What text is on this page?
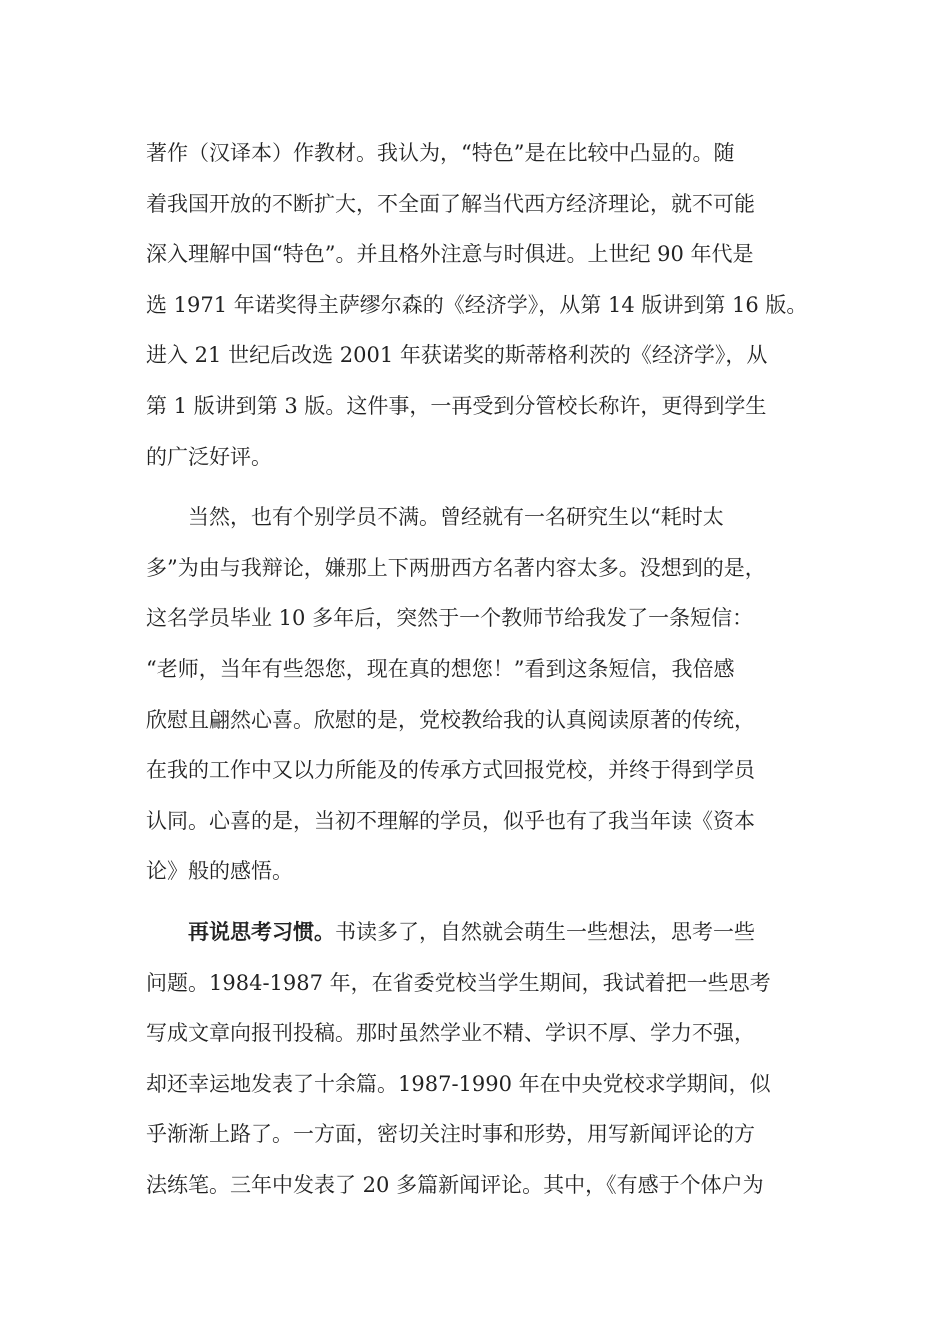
著作（汉译本）作教材。我认为，“特色”是在比较中凸显的。随
着我国开放的不断扩大，不全面了解当代西方经济理论，就不可能
深入理解中国“特色”。并且格外注意与时俱进。上世纪 90 年代是
选 1971 年诺奖得主萨缪尔森的《经济学》，从第 14 版讲到第 16 版。
进入 21 世纪后改选 2001 年获诺奖的斯蒂格利茨的《经济学》，从
第 1 版讲到第 3 版。这件事，一再受到分管校长称许，更得到学生
的广泛好评。
当然，也有个别学员不满。曾经就有一名研究生以“耗时太
多”为由与我辩论，嫌那上下两册西方名著内容太多。没想到的是，
这名学员毕业 10 多年后，突然于一个教师节给我发了一条短信：
“老师，当年有些怨您，现在真的想您！”看到这条短信，我倍感
欣慰且翩然心喜。欣慰的是，党校教给我的认真阅读原著的传统，
在我的工作中又以力所能及的传承方式回报党校，并终于得到学员
认同。心喜的是，当初不理解的学员，似乎也有了我当年读《资本
论》般的感悟。
再说思考习惯。书读多了，自然就会萌生一些想法，思考一些
问题。1984-1987 年，在省委党校当学生期间，我试着把一些思考
写成文章向报刊投稿。那时虽然学业不精、学识不厚、学力不强，
却还幸运地发表了十余篇。1987-1990 年在中央党校求学期间，似
乎渐渐上路了。一方面，密切关注时事和形势，用写新闻评论的方
法练笔。三年中发表了 20 多篇新闻评论。其中，《有感于个体户为
